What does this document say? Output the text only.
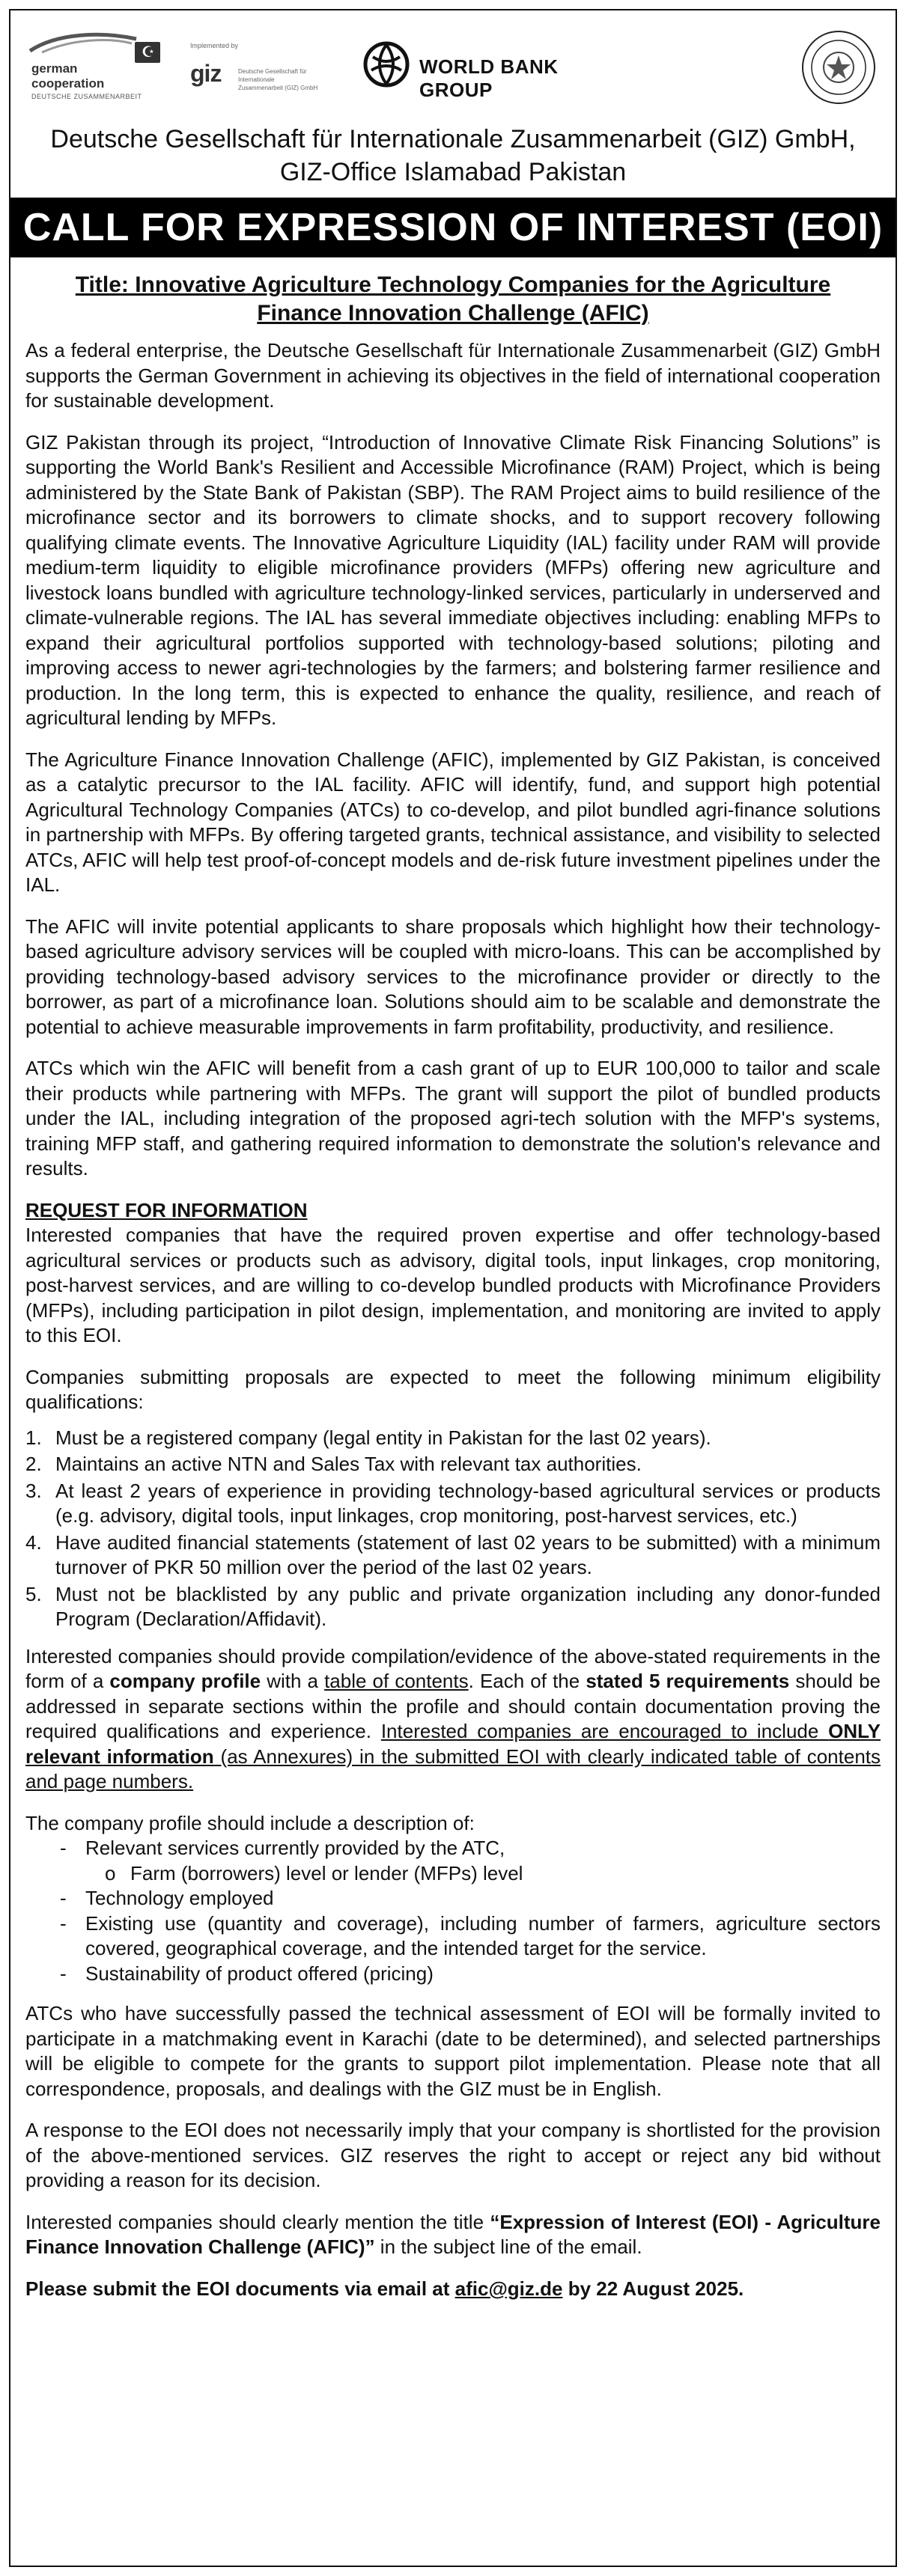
german
cooperation
DEUTSCHE ZUSAMMENARBEIT
☪
Implemented by
giz	Deutsche Gesellschaft für Internationale Zusammenarbeit (GIZ) GmbH
WORLD BANK GROUP
Deutsche Gesellschaft für Internationale Zusammenarbeit (GIZ) GmbH,
GIZ-Office Islamabad Pakistan
CALL FOR EXPRESSION OF INTEREST (EOI)
Title: Innovative Agriculture Technology Companies for the Agriculture Finance Innovation Challenge (AFIC)

As a federal enterprise, the Deutsche Gesellschaft für Internationale Zusammenarbeit (GIZ) GmbH supports the German Government in achieving its objectives in the field of international cooperation for sustainable development.

GIZ Pakistan through its project, “Introduction of Innovative Climate Risk Financing Solutions” is supporting the World Bank's Resilient and Accessible Microfinance (RAM) Project, which is being administered by the State Bank of Pakistan (SBP). The RAM Project aims to build resilience of the microfinance sector and its borrowers to climate shocks, and to support recovery following qualifying climate events. The Innovative Agriculture Liquidity (IAL) facility under RAM will provide medium-term liquidity to eligible microfinance providers (MFPs) offering new agriculture and livestock loans bundled with agriculture technology-linked services, particularly in underserved and climate-vulnerable regions. The IAL has several immediate objectives including: enabling MFPs to expand their agricultural portfolios supported with technology-based solutions; piloting and improving access to newer agri-technologies by the farmers; and bolstering farmer resilience and production. In the long term, this is expected to enhance the quality, resilience, and reach of agricultural lending by MFPs.

The Agriculture Finance Innovation Challenge (AFIC), implemented by GIZ Pakistan, is conceived as a catalytic precursor to the IAL facility. AFIC will identify, fund, and support high potential Agricultural Technology Companies (ATCs) to co-develop, and pilot bundled agri-finance solutions in partnership with MFPs. By offering targeted grants, technical assistance, and visibility to selected ATCs, AFIC will help test proof-of-concept models and de-risk future investment pipelines under the IAL.

The AFIC will invite potential applicants to share proposals which highlight how their technology-based agriculture advisory services will be coupled with micro-loans. This can be accomplished by providing technology-based advisory services to the microfinance provider or directly to the borrower, as part of a microfinance loan. Solutions should aim to be scalable and demonstrate the potential to achieve measurable improvements in farm profitability, productivity, and resilience.

ATCs which win the AFIC will benefit from a cash grant of up to EUR 100,000 to tailor and scale their products while partnering with MFPs. The grant will support the pilot of bundled products under the IAL, including integration of the proposed agri-tech solution with the MFP's systems, training MFP staff, and gathering required information to demonstrate the solution's relevance and results.

REQUEST FOR INFORMATION

Interested companies that have the required proven expertise and offer technology-based agricultural services or products such as advisory, digital tools, input linkages, crop monitoring, post-harvest services, and are willing to co-develop bundled products with Microfinance Providers (MFPs), including participation in pilot design, implementation, and monitoring are invited to apply to this EOI.

Companies submitting proposals are expected to meet the following minimum eligibility qualifications:

1. Must be a registered company (legal entity in Pakistan for the last 02 years).
2. Maintains an active NTN and Sales Tax with relevant tax authorities.
3. At least 2 years of experience in providing technology-based agricultural services or products (e.g. advisory, digital tools, input linkages, crop monitoring, post-harvest services, etc.)
4. Have audited financial statements (statement of last 02 years to be submitted) with a minimum turnover of PKR 50 million over the period of the last 02 years.
5. Must not be blacklisted by any public and private organization including any donor-funded Program (Declaration/Affidavit).

Interested companies should provide compilation/evidence of the above-stated requirements in the form of a company profile with a table of contents. Each of the stated 5 requirements should be addressed in separate sections within the profile and should contain documentation proving the required qualifications and experience. Interested companies are encouraged to include ONLY relevant information (as Annexures) in the submitted EOI with clearly indicated table of contents and page numbers.

The company profile should include a description of:
- Relevant services currently provided by the ATC,
o Farm (borrowers) level or lender (MFPs) level
- Technology employed
- Existing use (quantity and coverage), including number of farmers, agriculture sectors covered, geographical coverage, and the intended target for the service.
- Sustainability of product offered (pricing)

ATCs who have successfully passed the technical assessment of EOI will be formally invited to participate in a matchmaking event in Karachi (date to be determined), and selected partnerships will be eligible to compete for the grants to support pilot implementation. Please note that all correspondence, proposals, and dealings with the GIZ must be in English.

A response to the EOI does not necessarily imply that your company is shortlisted for the provision of the above-mentioned services. GIZ reserves the right to accept or reject any bid without providing a reason for its decision.

Interested companies should clearly mention the title “Expression of Interest (EOI) - Agriculture Finance Innovation Challenge (AFIC)” in the subject line of the email.

Please submit the EOI documents via email at afic@giz.de by 22 August 2025.
